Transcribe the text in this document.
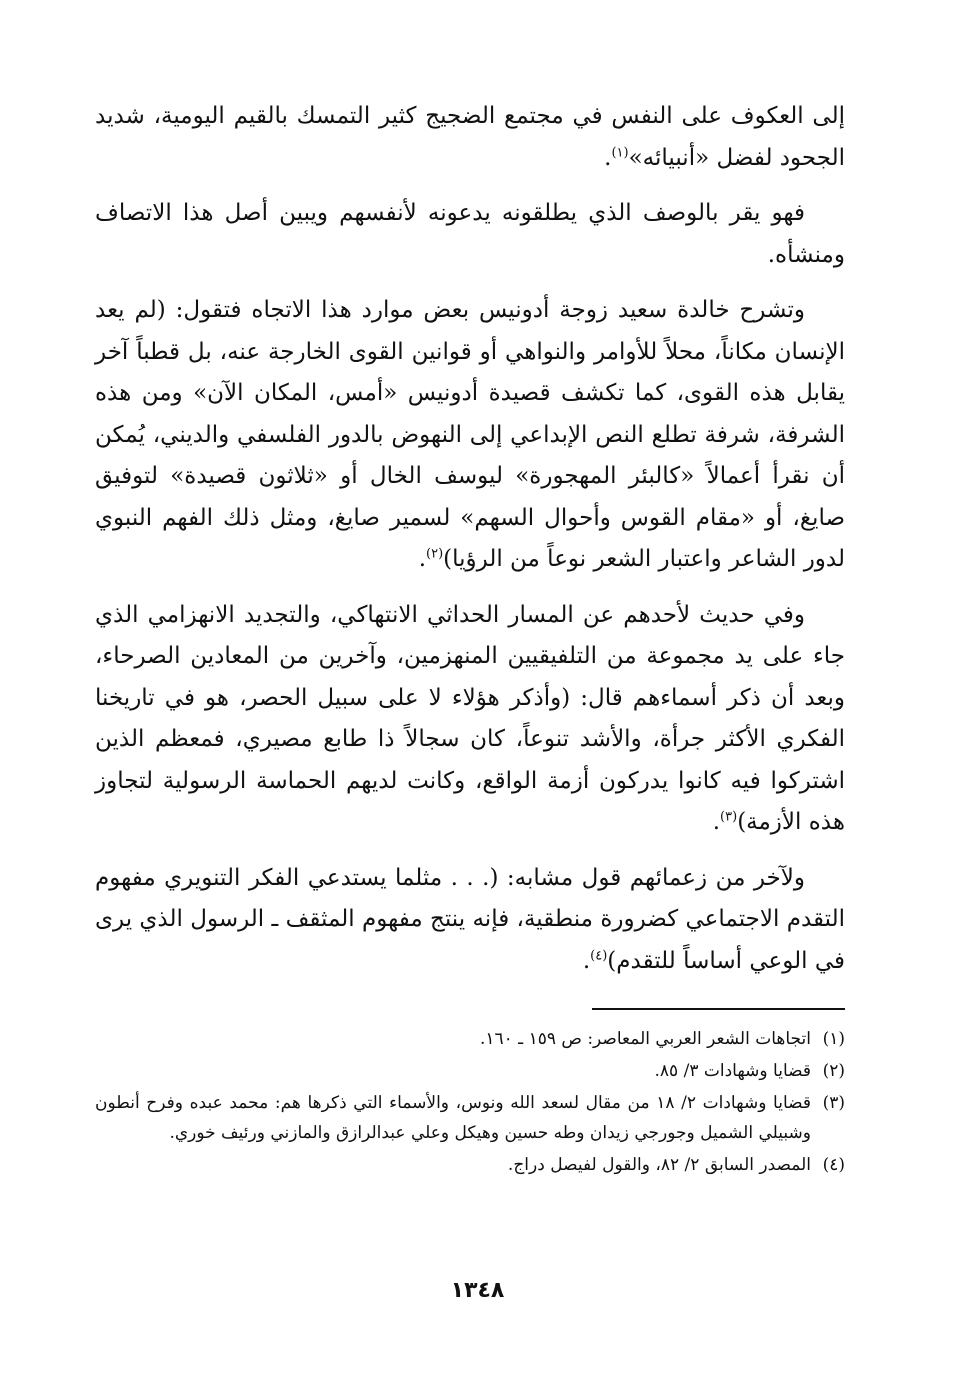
إلى العكوف على النفس في مجتمع الضجيج كثير التمسك بالقيم اليومية، شديد الجحود لفضل «أنبيائه»$^{(١)}$.

فهو يقر بالوصف الذي يطلقونه يدعونه لأنفسهم ويبين أصل هذا الاتصاف ومنشأه.

وتشرح خالدة سعيد زوجة أدونيس بعض موارد هذا الاتجاه فتقول: (لم يعد الإنسان مكاناً، محلاً للأوامر والنواهي أو قوانين القوى الخارجة عنه، بل قطباً آخر يقابل هذه القوى، كما تكشف قصيدة أدونيس «أمس، المكان الآن» ومن هذه الشرفة، شرفة تطلع النص الإبداعي إلى النهوض بالدور الفلسفي والديني، يُمكن أن نقرأ أعمالاً «كالبئر المهجورة» ليوسف الخال أو «ثلاثون قصيدة» لتوفيق صايغ، أو «مقام القوس وأحوال السهم» لسمير صايغ، ومثل ذلك الفهم النبوي لدور الشاعر واعتبار الشعر نوعاً من الرؤيا)$^{(٢)}$.

وفي حديث لأحدهم عن المسار الحداثي الانتهاكي، والتجديد الانهزامي الذي جاء على يد مجموعة من التلفيقيين المنهزمين، وآخرين من المعادين الصرحاء، وبعد أن ذكر أسماءهم قال: (وأذكر هؤلاء لا على سبيل الحصر، هو في تاريخنا الفكري الأكثر جرأة، والأشد تنوعاً، كان سجالاً ذا طابع مصيري، فمعظم الذين اشتركوا فيه كانوا يدركون أزمة الواقع، وكانت لديهم الحماسة الرسولية لتجاوز هذه الأزمة)$^{(٣)}$.

ولآخر من زعمائهم قول مشابه: (. . . مثلما يستدعي الفكر التنويري مفهوم التقدم الاجتماعي كضرورة منطقية، فإنه ينتج مفهوم المثقف ـ الرسول الذي يرى في الوعي أساساً للتقدم)$^{(٤)}$.

(١)
اتجاهات الشعر العربي المعاصر: ص ١٥٩ ـ ١٦٠.
(٢)
قضايا وشهادات ٣/ ٨٥.
(٣)
قضايا وشهادات ٢/ ١٨ من مقال لسعد الله ونوس، والأسماء التي ذكرها هم: محمد عبده وفرح أنطون وشبيلي الشميل وجورجي زيدان وطه حسين وهيكل وعلي عبدالرازق والمازني ورئيف خوري.
(٤)
المصدر السابق ٢/ ٨٢، والقول لفيصل دراج.
١٣٤٨
